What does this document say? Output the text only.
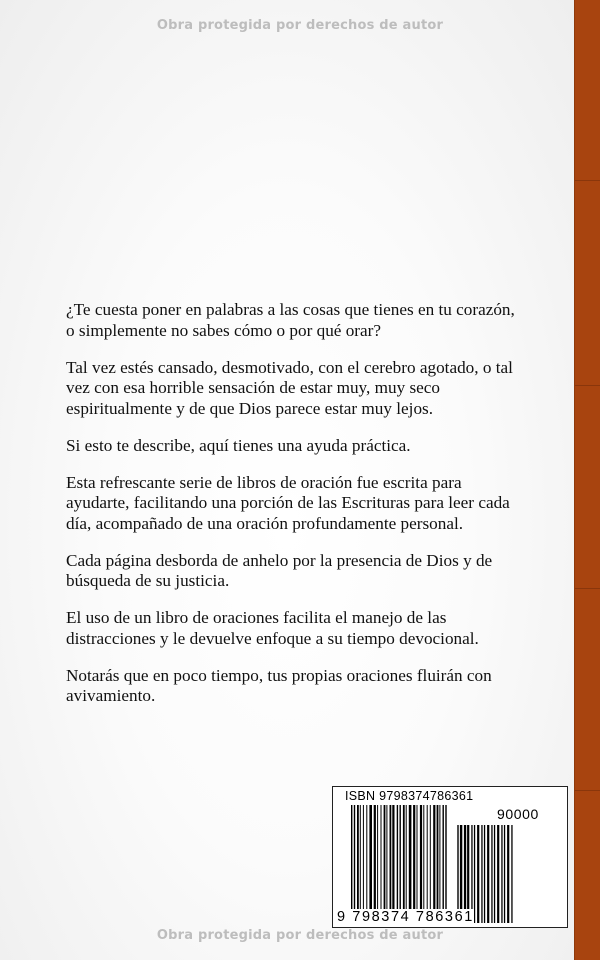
Obra protegida por derechos de autor

¿Te cuesta poner en palabras a las cosas que tienes en tu corazón, o simplemente no sabes cómo o por qué orar?

Tal vez estés cansado, desmotivado, con el cerebro agotado, o tal vez con esa horrible sensación de estar muy, muy seco espiritualmente y de que Dios parece estar muy lejos.

Si esto te describe, aquí tienes una ayuda práctica.

Esta refrescante serie de libros de oración fue escrita para ayudarte, facilitando una porción de las Escrituras para leer cada día, acompañado de una oración profundamente personal.

Cada página desborda de anhelo por la presencia de Dios y de búsqueda de su justicia.

El uso de un libro de oraciones facilita el manejo de las distracciones y le devuelve enfoque a su tiempo devocional.

Notarás que en poco tiempo, tus propias oraciones fluirán con avivamiento.

ISBN 9798374786361
90000
9 798374 786361
Obra protegida por derechos de autor
